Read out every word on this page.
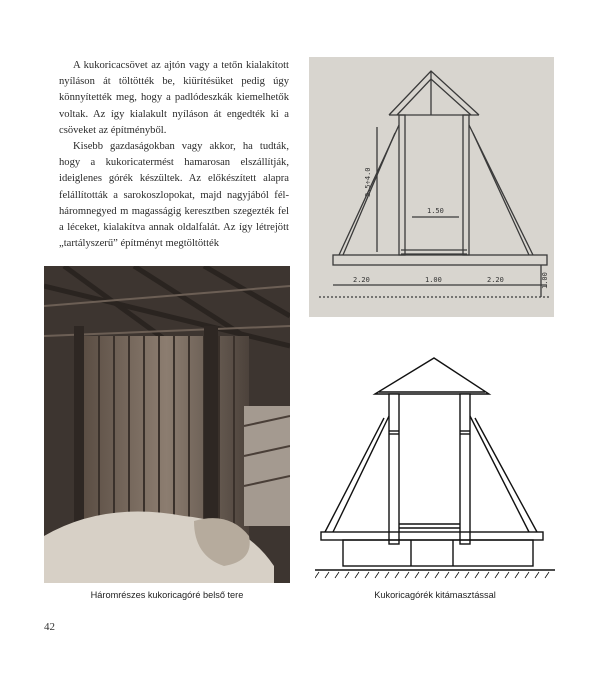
A kukoricacsövet az ajtón vagy a tetőn kialakított nyíláson át töltötték be, kiürítésüket pedig úgy könnyítették meg, hogy a padlódeszkák kiemelhetők voltak. Az így kialakult nyíláson át engedték ki a csöveket az építményből.

Kisebb gazdaságokban vagy akkor, ha tudták, hogy a kukoricatermést hamarosan elszállítják, ideiglenes górék készültek. Az előkészített alapra felállították a sarokoszlopokat, majd nagyjából fél-háromnegyed m magasságig keresztben szegezték fel a léceket, kialakítva annak oldalfalát. Az így létrejött „tartályszerű” építményt megtöltötték

3.5÷4.0
1.50
2.20	1.00	2.20	1.00
Háromrészes kukoricagóré belső tere	Kukoricagórék kitámasztással
42
